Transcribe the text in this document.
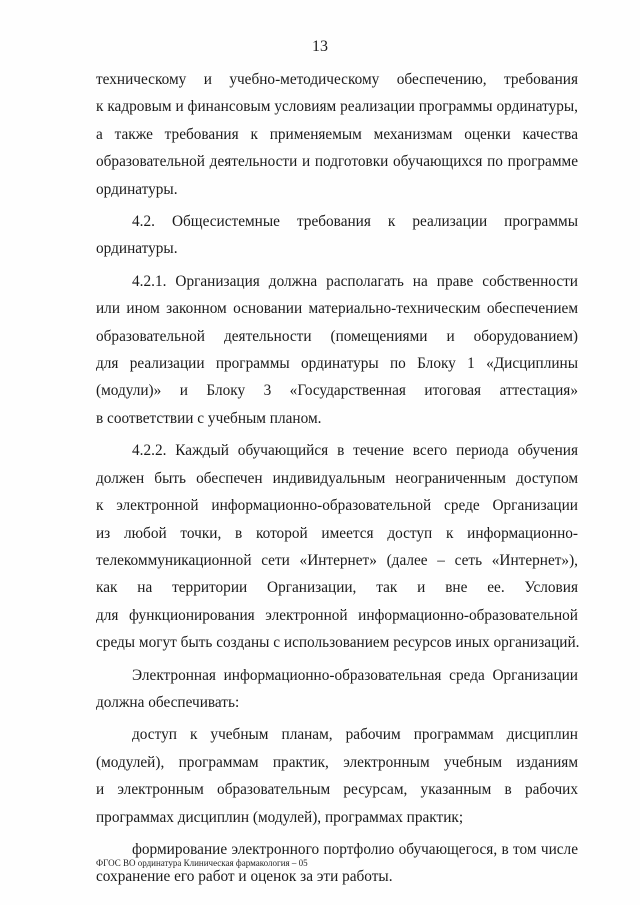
13
техническому и учебно-методическому обеспечению, требования
к кадровым и финансовым условиям реализации программы ординатуры,
а также требования к применяемым механизмам оценки качества
образовательной деятельности и подготовки обучающихся по программе
ординатуры.
4.2. Общесистемные требования к реализации программы
ординатуры.
4.2.1. Организация должна располагать на праве собственности
или ином законном основании материально-техническим обеспечением
образовательной деятельности (помещениями и оборудованием)
для реализации программы ординатуры по Блоку 1 «Дисциплины
(модули)» и Блоку 3 «Государственная итоговая аттестация»
в соответствии с учебным планом.
4.2.2. Каждый обучающийся в течение всего периода обучения
должен быть обеспечен индивидуальным неограниченным доступом
к электронной информационно-образовательной среде Организации
из любой точки, в которой имеется доступ к информационно-
телекоммуникационной сети «Интернет» (далее – сеть «Интернет»),
как на территории Организации, так и вне ее. Условия
для функционирования электронной информационно-образовательной
среды могут быть созданы с использованием ресурсов иных организаций.
Электронная информационно-образовательная среда Организации
должна обеспечивать:
доступ к учебным планам, рабочим программам дисциплин
(модулей), программам практик, электронным учебным изданиям
и электронным образовательным ресурсам, указанным в рабочих
программах дисциплин (модулей), программах практик;
формирование электронного портфолио обучающегося, в том числе
сохранение его работ и оценок за эти работы.
ФГОС ВО ординатура Клиническая фармакология – 05
